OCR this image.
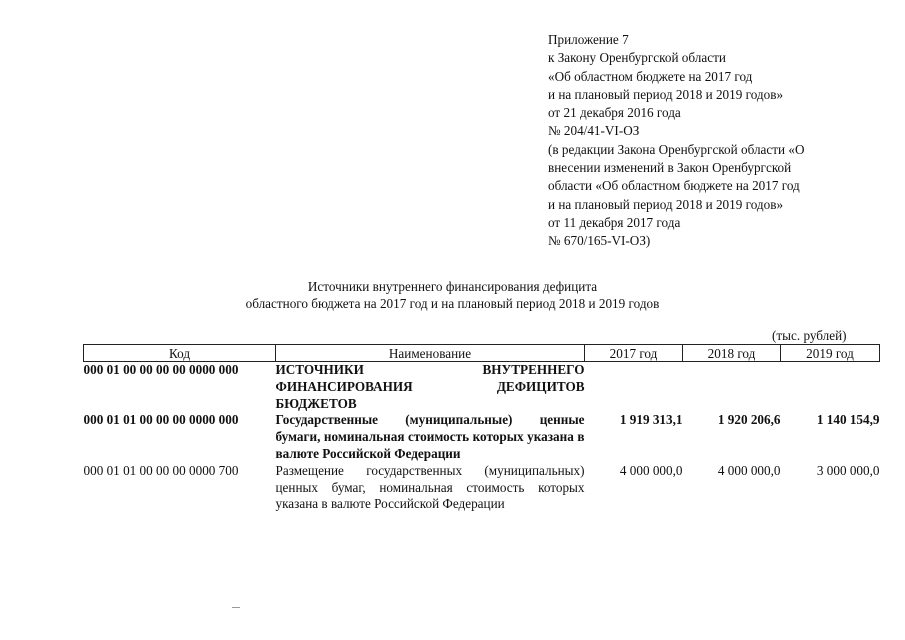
Приложение 7
к Закону Оренбургской области
«Об областном бюджете на 2017 год
и на плановый период 2018 и 2019 годов»
от 21 декабря 2016 года
№ 204/41-VI-ОЗ
(в редакции Закона Оренбургской области «О
внесении изменений в Закон Оренбургской
области «Об областном бюджете на 2017 год
и на плановый период 2018 и 2019 годов»
от 11 декабря 2017 года
№ 670/165-VI-ОЗ)
Источники внутреннего финансирования дефицита
областного бюджета на 2017 год и на плановый период 2018 и 2019 годов
(тыс. рублей)
Код	Наименование	2017 год	2018 год	2019 год
000 01 00 00 00 00 0000 000	ИСТОЧНИКИ ВНУТРЕННЕГО ФИНАНСИРОВАНИЯ ДЕФИЦИТОВ БЮДЖЕТОВ			
000 01 01 00 00 00 0000 000	Государственные (муниципальные) ценные бумаги, номинальная стоимость которых указана в валюте Российской Федерации	1 919 313,1	1 920 206,6	1 140 154,9
000 01 01 00 00 00 0000 700	Размещение государственных (муниципальных) ценных бумаг, номинальная стоимость которых указана в валюте Российской Федерации	4 000 000,0	4 000 000,0	3 000 000,0
